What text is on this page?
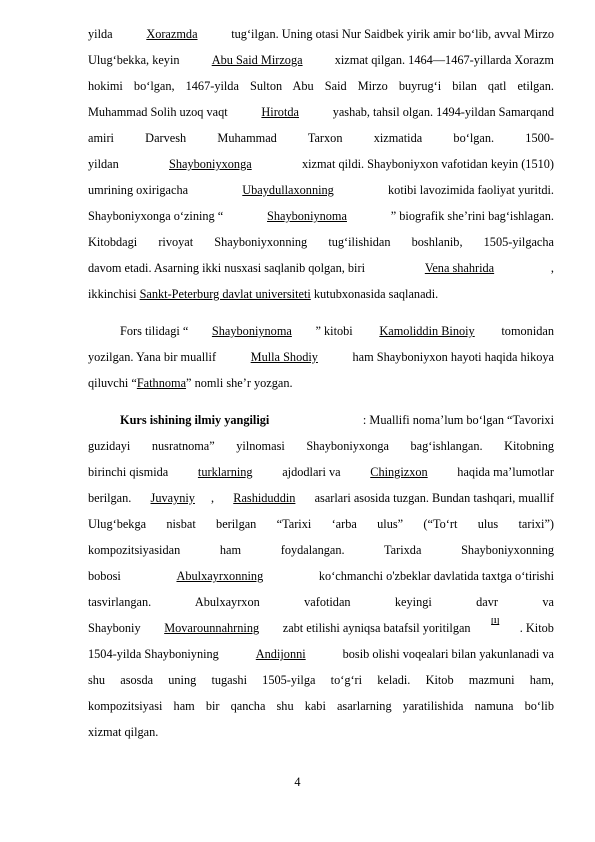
yilda Xorazmda tug‘ilgan. Uning otasi Nur Saidbek yirik amir bo‘lib, avval Mirzo
Ulug‘bekka, keyin Abu Said Mirzoga xizmat qilgan. 1464—1467-yillarda Xorazm
hokimi bo‘lgan, 1467-yilda Sulton Abu Said Mirzo buyrug‘i bilan qatl etilgan.
Muhammad Solih uzoq vaqt Hirotda yashab, tahsil olgan. 1494-yildan Samarqand
amiri Darvesh Muhammad Tarxon xizmatida bo‘lgan. 1500-
yildan	Shayboniyxonga	xizmat qildi. Shayboniyxon vafotidan keyin (1510)
umrining oxirigacha	Ubaydullaxonning	kotibi lavozimida faoliyat yuritdi.
Shayboniyxonga o‘zining “	Shayboniynoma	” biografik she’rini bag‘ishlagan.
Kitobdagi rivoyat Shayboniyxonning tug‘ilishidan boshlanib, 1505-yilgacha
davom etadi. Asarning ikki nusxasi saqlanib qolgan, biri	Vena shahrida	,
ikkinchisi Sankt-Peterburg davlat universiteti kutubxonasida saqlanadi.
Fors tilidagi “ Shayboniynoma ” kitobi Kamoliddin Binoiy tomonidan
yozilgan. Yana bir muallif	Mulla Shodiy	ham Shayboniyxon hayoti haqida hikoya
qiluvchi “Fathnoma” nomli she’r yozgan.
Kurs ishining ilmiy yangiligi	: Muallifi noma’lum bo‘lgan “Tavorixi
guzidayi nusratnoma” yilnomasi Shayboniyxonga bag‘ishlangan. Kitobning
birinchi qismida turklarning ajdodlari va Chingizxon haqida ma’lumotlar
berilgan. Juvayniy , Rashiduddin asarlari asosida tuzgan. Bundan tashqari, muallif
Ulug‘bekga nisbat berilgan “Tarixi ‘arba ulus” (“To‘rt ulus tarixi”)
kompozitsiyasidan ham foydalangan. Tarixda Shayboniyxonning
bobosi	Abulxayrxonning	ko‘chmanchi o'zbeklar davlatida taxtga o‘tirishi
tasvirlangan. Abulxayrxon vafotidan keyingi davr va
Shayboniy Movarounnahrning zabt etilishi ayniqsa batafsil yoritilgan	[1] . Kitob
1504-yilda Shayboniyning	Andijonni	bosib olishi voqealari bilan yakunlanadi va
shu asosda uning tugashi 1505-yilga to‘g‘ri keladi. Kitob mazmuni ham,
kompozitsiyasi ham bir qancha shu kabi asarlarning yaratilishida namuna bo‘lib
xizmat qilgan.
4
